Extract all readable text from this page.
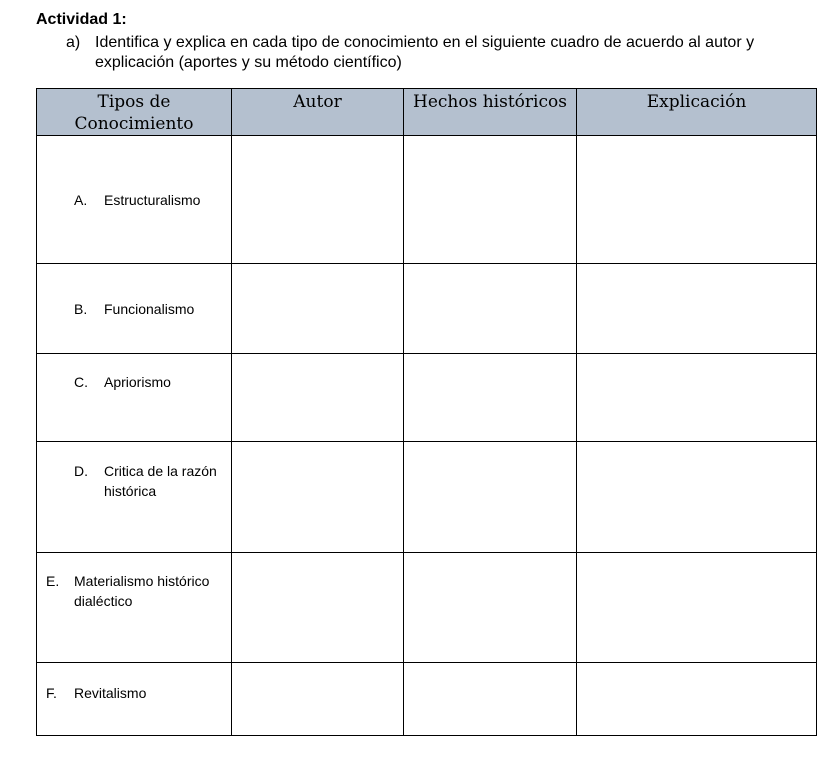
Actividad 1:
a) Identifica y explica en cada tipo de conocimiento en el siguiente cuadro de acuerdo al autor y explicación (aportes y su método científico)
Tipos de Conocimiento	Autor	Hechos históricos	Explicación

A. Estructuralismo			

B. Funcionalismo			

C. Apriorismo			

D. Critica de la razón histórica			

E. Materialismo histórico dialéctico			

F. Revitalismo			
